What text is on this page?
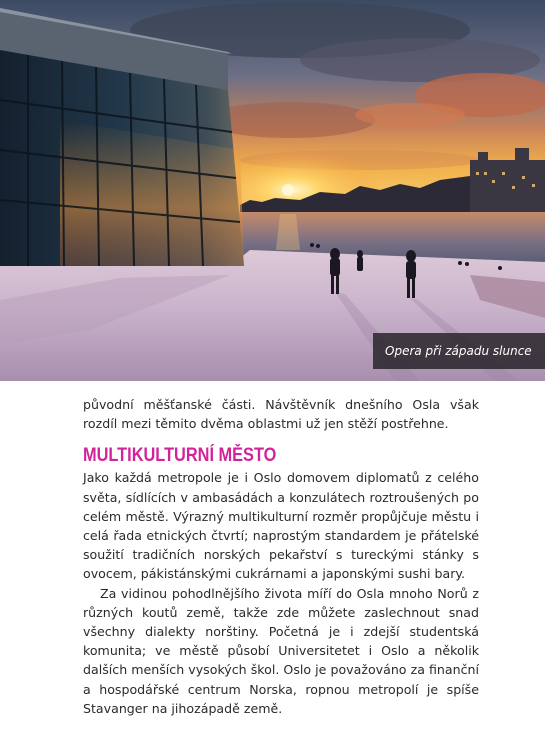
Opera při západu slunce

původní měšťanské části. Návštěvník dnešního Osla však rozdíl mezi těmito dvěma oblastmi už jen stěží postřehne.

MULTIKULTURNÍ MĚSTO

Jako každá metropole je i Oslo domovem diplomatů z celého světa, sídlících v ambasádách a konzulátech roztroušených po celém městě. Výrazný multikulturní rozměr propůjčuje městu i celá řada etnických čtvrtí; naprostým standardem je přátelské soužití tradičních norských pekařství s tureckými stánky s ovocem, pákistánskými cukrárnami a japonskými sushi bary.

Za vidinou pohodlnějšího života míří do Osla mnoho Norů z různých koutů země, takže zde můžete zaslechnout snad všechny dialekty norštiny. Početná je i zdejší studentská komunita; ve městě působí Universitetet i Oslo a několik dalších menších vysokých škol. Oslo je považováno za finanční a hospodářské centrum Norska, ropnou metropolí je spíše Stavanger na jihozápadě země.
